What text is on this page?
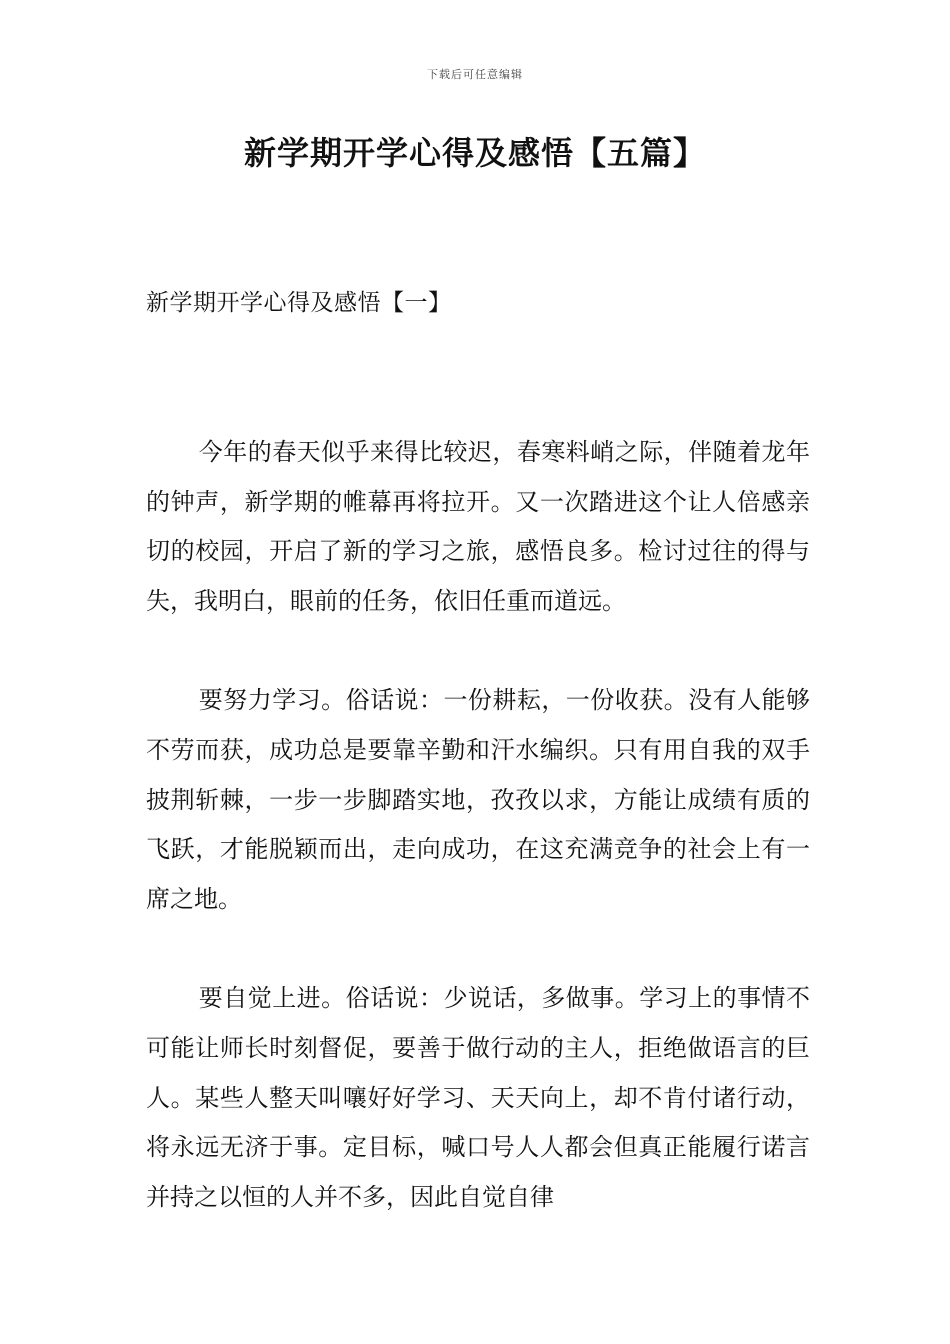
下载后可任意编辑
新学期开学心得及感悟【五篇】
新学期开学心得及感悟【一】

今年的春天似乎来得比较迟，春寒料峭之际，伴随着龙年的钟声，新学期的帷幕再将拉开。又一次踏进这个让人倍感亲切的校园，开启了新的学习之旅，感悟良多。检讨过往的得与失，我明白，眼前的任务，依旧任重而道远。

要努力学习。俗话说：一份耕耘，一份收获。没有人能够不劳而获，成功总是要靠辛勤和汗水编织。只有用自我的双手披荆斩棘，一步一步脚踏实地，孜孜以求，方能让成绩有质的飞跃，才能脱颖而出，走向成功，在这充满竞争的社会上有一席之地。

要自觉上进。俗话说：少说话，多做事。学习上的事情不可能让师长时刻督促，要善于做行动的主人，拒绝做语言的巨人。某些人整天叫嚷好好学习、天天向上，却不肯付诸行动，将永远无济于事。定目标，喊口号人人都会但真正能履行诺言并持之以恒的人并不多，因此自觉自律
